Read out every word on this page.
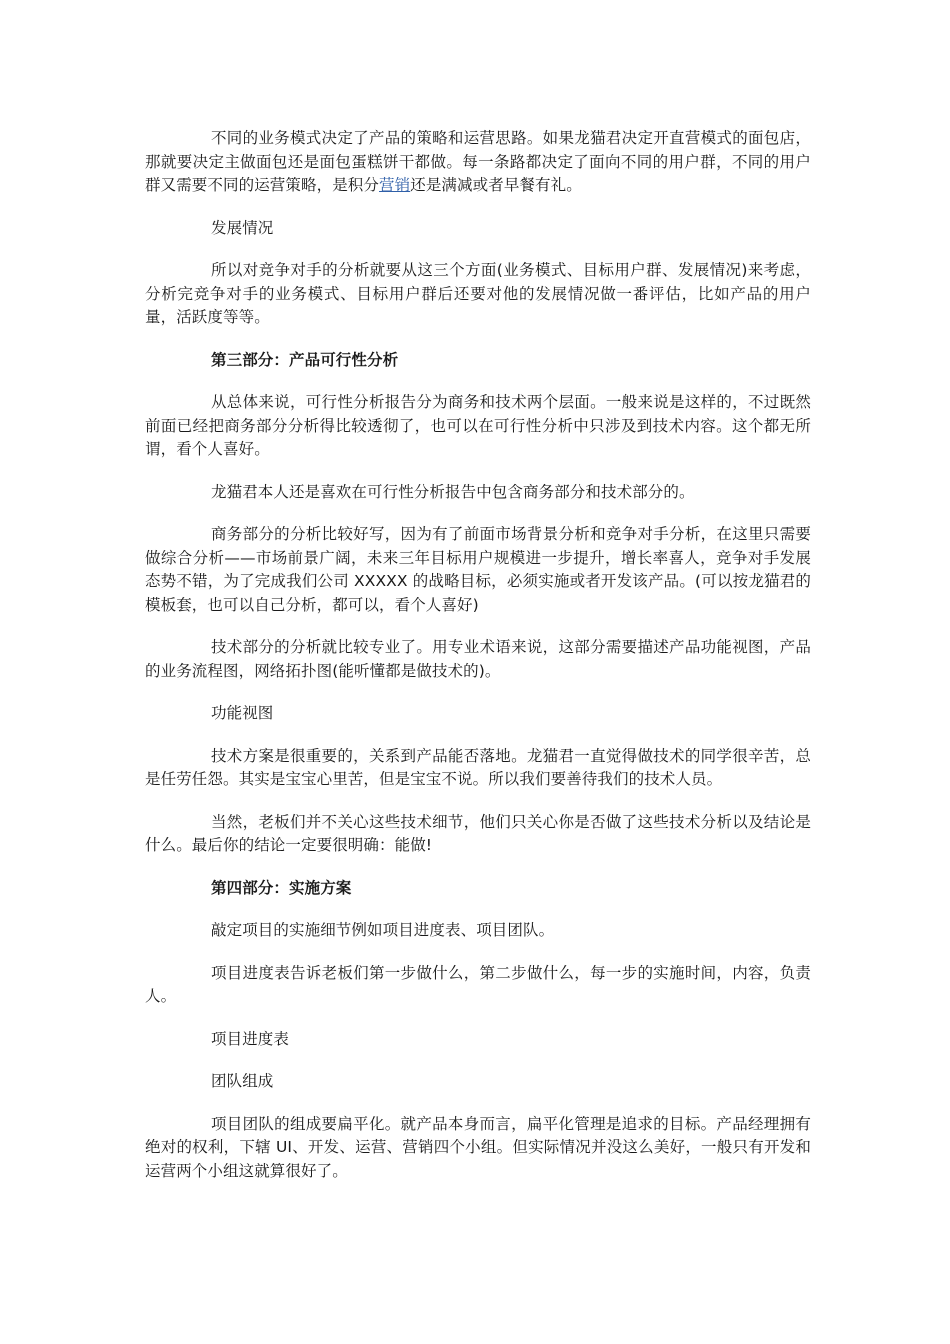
不同的业务模式决定了产品的策略和运营思路。如果龙猫君决定开直营模式的面包店，那就要决定主做面包还是面包蛋糕饼干都做。每一条路都决定了面向不同的用户群，不同的用户群又需要不同的运营策略，是积分营销还是满减或者早餐有礼。

发展情况

所以对竞争对手的分析就要从这三个方面(业务模式、目标用户群、发展情况)来考虑，分析完竞争对手的业务模式、目标用户群后还要对他的发展情况做一番评估，比如产品的用户量，活跃度等等。

第三部分：产品可行性分析

从总体来说，可行性分析报告分为商务和技术两个层面。一般来说是这样的，不过既然前面已经把商务部分分析得比较透彻了，也可以在可行性分析中只涉及到技术内容。这个都无所谓，看个人喜好。

龙猫君本人还是喜欢在可行性分析报告中包含商务部分和技术部分的。

商务部分的分析比较好写，因为有了前面市场背景分析和竞争对手分析，在这里只需要做综合分析——市场前景广阔，未来三年目标用户规模进一步提升，增长率喜人，竞争对手发展态势不错，为了完成我们公司 XXXXX 的战略目标，必须实施或者开发该产品。(可以按龙猫君的模板套，也可以自己分析，都可以，看个人喜好)

技术部分的分析就比较专业了。用专业术语来说，这部分需要描述产品功能视图，产品的业务流程图，网络拓扑图(能听懂都是做技术的)。

功能视图

技术方案是很重要的，关系到产品能否落地。龙猫君一直觉得做技术的同学很辛苦，总是任劳任怨。其实是宝宝心里苦，但是宝宝不说。所以我们要善待我们的技术人员。

当然，老板们并不关心这些技术细节，他们只关心你是否做了这些技术分析以及结论是什么。最后你的结论一定要很明确：能做!

第四部分：实施方案

敲定项目的实施细节例如项目进度表、项目团队。

项目进度表告诉老板们第一步做什么，第二步做什么，每一步的实施时间，内容，负责人。

项目进度表

团队组成

项目团队的组成要扁平化。就产品本身而言，扁平化管理是追求的目标。产品经理拥有绝对的权利，下辖 UI、开发、运营、营销四个小组。但实际情况并没这么美好，一般只有开发和运营两个小组这就算很好了。
